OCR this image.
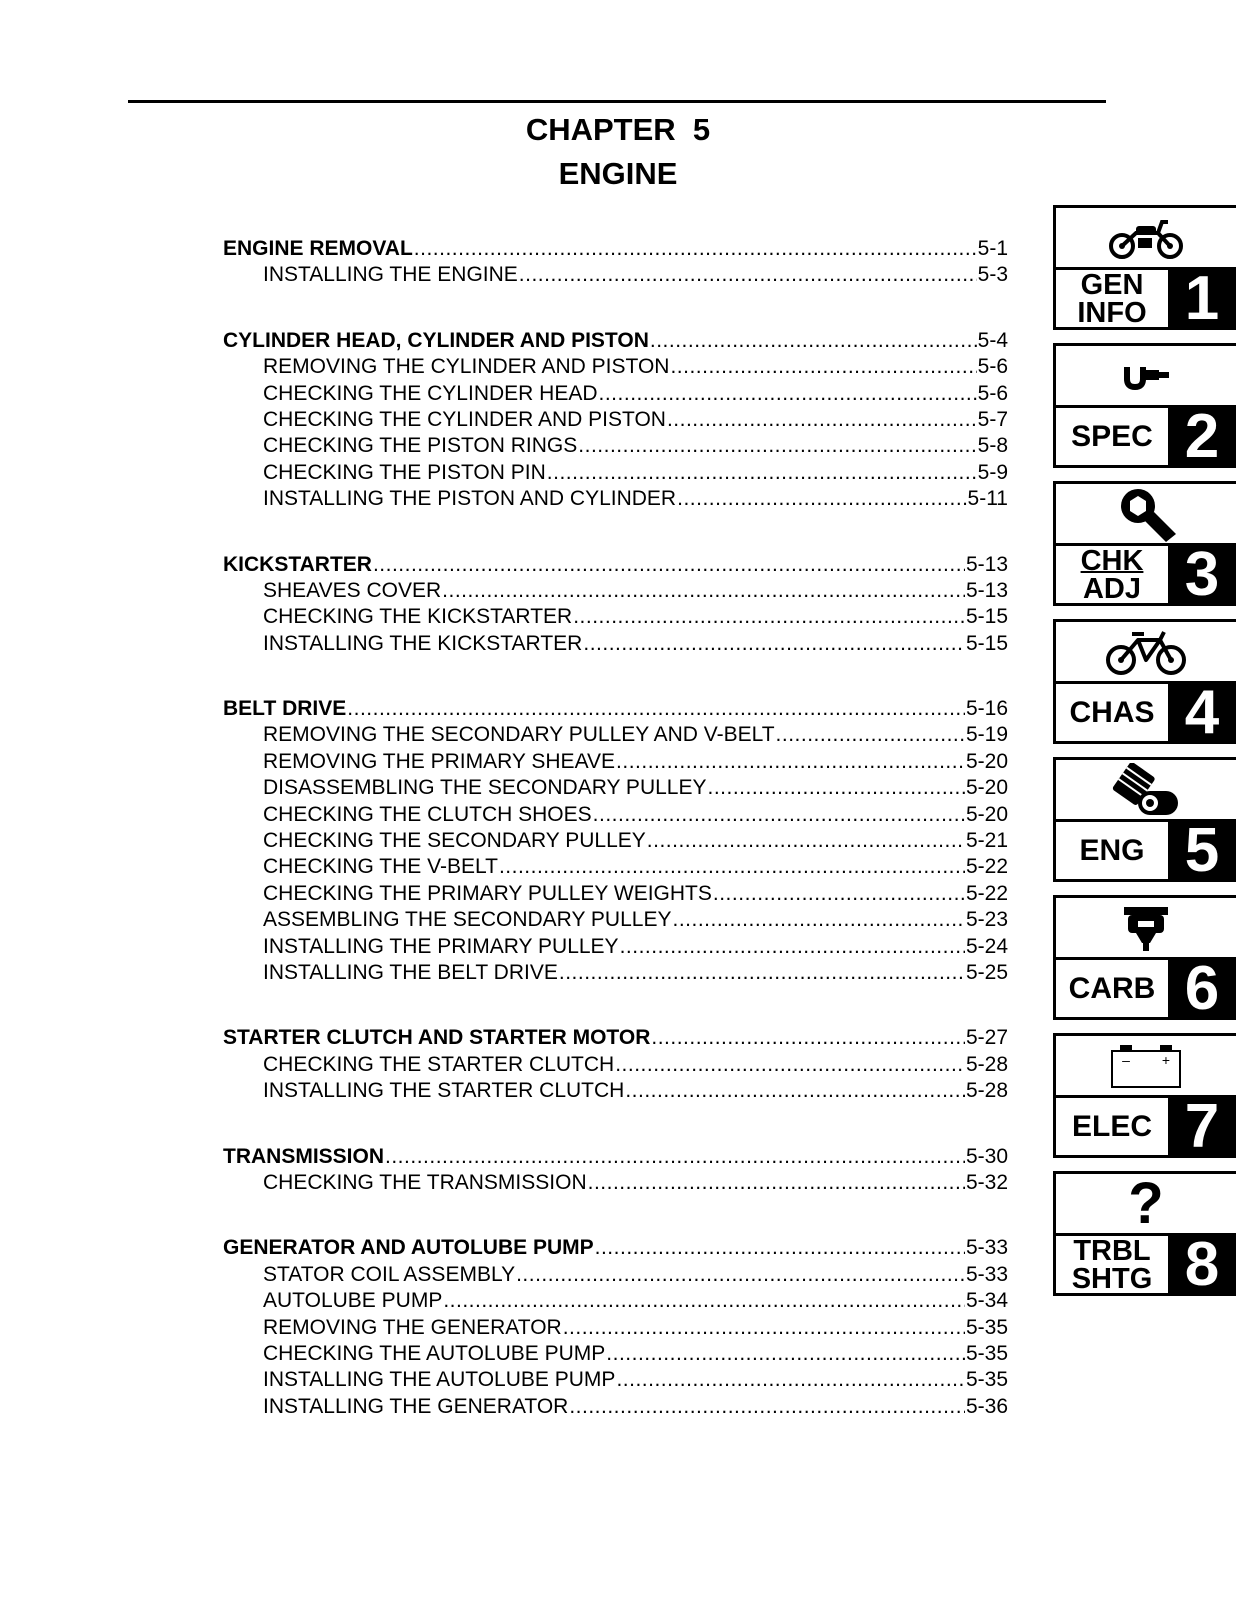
CHAPTER  5
ENGINE
ENGINE REMOVAL .....	5-1
INSTALLING THE ENGINE .....	5-3
CYLINDER HEAD, CYLINDER AND PISTON .....	5-4
REMOVING THE CYLINDER AND PISTON .....	5-6
CHECKING THE CYLINDER HEAD .....	5-6
CHECKING THE CYLINDER AND PISTON .....	5-7
CHECKING THE PISTON RINGS .....	5-8
CHECKING THE PISTON PIN .....	5-9
INSTALLING THE PISTON AND CYLINDER .....	5-11
KICKSTARTER .....	5-13
SHEAVES COVER .....	5-13
CHECKING THE KICKSTARTER .....	5-15
INSTALLING THE KICKSTARTER .....	5-15
BELT DRIVE .....	5-16
REMOVING THE SECONDARY PULLEY AND V-BELT .....	5-19
REMOVING THE PRIMARY SHEAVE .....	5-20
DISASSEMBLING THE SECONDARY PULLEY .....	5-20
CHECKING THE CLUTCH SHOES .....	5-20
CHECKING THE SECONDARY PULLEY .....	5-21
CHECKING THE V-BELT .....	5-22
CHECKING THE PRIMARY PULLEY WEIGHTS .....	5-22
ASSEMBLING THE SECONDARY PULLEY .....	5-23
INSTALLING THE PRIMARY PULLEY .....	5-24
INSTALLING THE BELT DRIVE .....	5-25
STARTER CLUTCH AND STARTER MOTOR .....	5-27
CHECKING THE STARTER CLUTCH .....	5-28
INSTALLING THE STARTER CLUTCH .....	5-28
TRANSMISSION .....	5-30
CHECKING THE TRANSMISSION .....	5-32
GENERATOR AND AUTOLUBE PUMP .....	5-33
STATOR COIL ASSEMBLY .....	5-33
AUTOLUBE PUMP .....	5-34
REMOVING THE GENERATOR .....	5-35
CHECKING THE AUTOLUBE PUMP .....	5-35
INSTALLING THE AUTOLUBE PUMP .....	5-35
INSTALLING THE GENERATOR .....	5-36
GEN
INFO 1
SPEC 2
CHK
ADJ 3
CHAS 4
ENG 5
CARB 6
– +
ELEC 7
?
TRBL
SHTG 8
